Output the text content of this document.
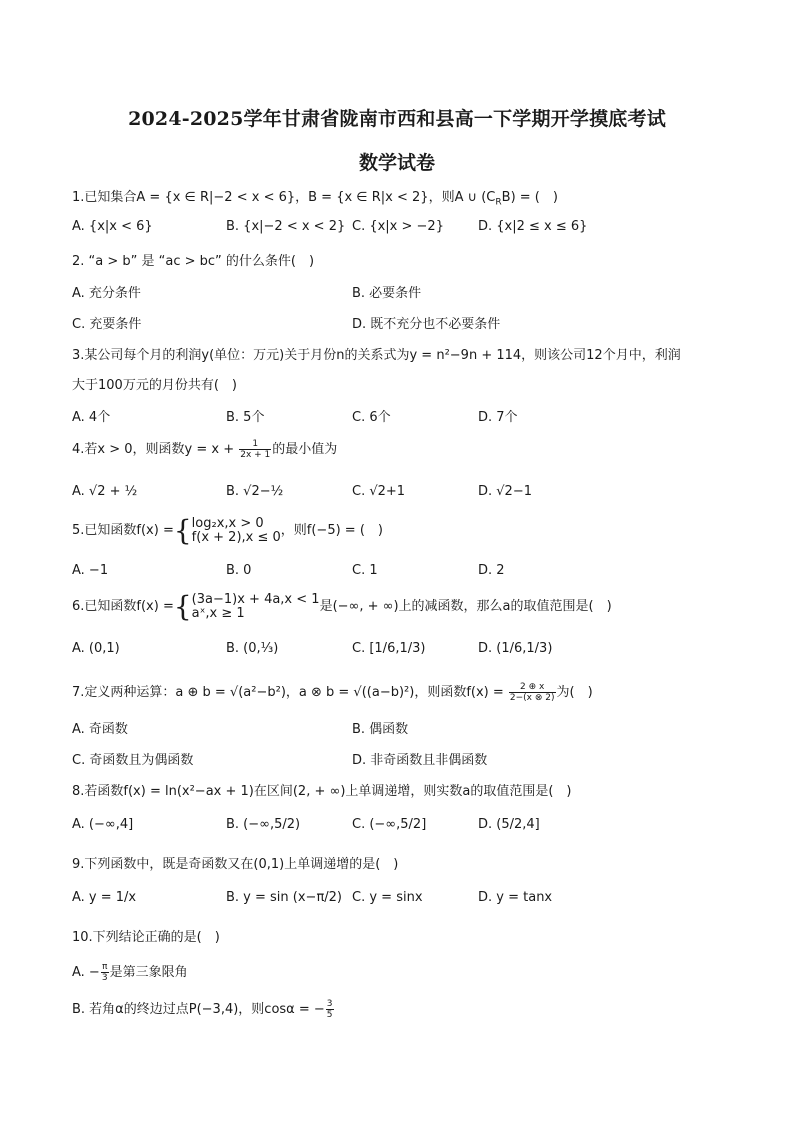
2024-2025学年甘肃省陇南市西和县高一下学期开学摸底考试
数学试卷
1.已知集合A = {x ∈ R|−2 < x < 6}，B = {x ∈ R|x < 2}，则A ∪ $(C_RB)$ = (　)
A. {x|x < 6}	B. {x|−2 < x < 2} C. {x|x > −2}	D. {x|2 ≤ x ≤ 6}
2. “a > b” 是 “ac > bc” 的什么条件(　)
A. 充分条件	B. 必要条件
C. 充要条件	D. 既不充分也不必要条件
3.某公司每个月的利润y(单位：万元)关于月份n的关系式为y = n²−9n + 114，则该公司12个月中，利润
大于100万元的月份共有(　)
A. 4个	B. 5个	C. 6个	D. 7个
4.若x > 0，则函数$y = x + \frac{1}{2x + 1}$ 的最小值为
A. √2 + ½	B. √2−½	C. √2+1	D. √2−1
5.已知函数f(x) ={ log₂x,x > 0
f(x + 2),x ≤ 0 ，则f(−5) = (　)
A. −1	B. 0	C. 1	D. 2
6.已知函数f(x) ={ (3a−1)x + 4a,x < 1
aˣ,x ≥ 1	是(−∞, + ∞)上的减函数，那么a的取值范围是(　)
A. (0,1)	B. (0,⅓)	C. [1/6,1/3)	D. (1/6,1/3)
7.定义两种运算：a ⊕ b = √(a²−b²)，a ⊗ b = √((a−b)²)，则函数$f(x) = \frac{2 \oplus x}{2-(x \otimes 2)}$ 为(　)
A. 奇函数	B. 偶函数
C. 奇函数且为偶函数	D. 非奇函数且非偶函数
8.若函数f(x) = ln(x²−ax + 1)在区间(2, + ∞)上单调递增，则实数a的取值范围是(　)
A. (−∞,4]	B. (−∞,5/2)	C. (−∞,5/2]	D. (5/2,4]
9.下列函数中，既是奇函数又在(0,1)上单调递增的是(　)
A. y = 1/x	B. y = sin (x−π/2) C. y = sinx	D. y = tanx
10.下列结论正确的是(　)
A. − $\frac{\pi}{3}$ 是第三象限角
B. 若角α的终边过点P(−3,4)，则cosα = − $\frac{3}{5}$
